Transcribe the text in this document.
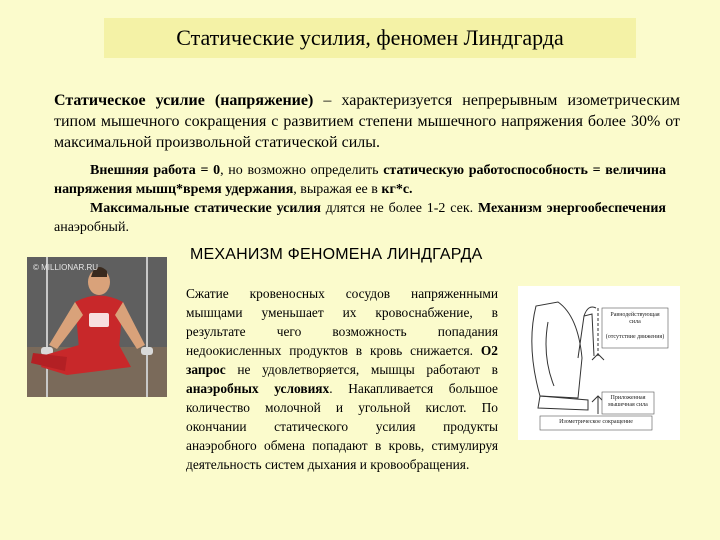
Статические усилия, феномен Линдгарда
Статическое усилие (напряжение) – характеризуется непрерывным изометрическим типом мышечного сокращения с развитием степени мышечного напряжения более 30% от максимальной произвольной статической силы.
Внешняя работа = 0, но возможно определить статическую работоспособность = величина напряжения мышц*время удержания, выражая ее в кг*с.
Максимальные статические усилия длятся не более 1-2 сек. Механизм энергообеспечения анаэробный.
МЕХАНИЗМ ФЕНОМЕНА ЛИНДГАРДА
© MILLIONAR.RU
Сжатие кровеносных сосудов напряженными мышцами уменьшает их кровоснабжение, в результате чего возможность попадания недоокисленных продуктов в кровь снижается. О2 запрос не удовлетворяется, мышцы работают в анаэробных условиях. Накапливается большое количество молочной и угольной кислот. По окончании статического усилия продукты анаэробного обмена попадают в кровь, стимулируя деятельность систем дыхания и кровообращения.
Равнодействующая сила
(отсутствие движения)
Приложенная мышечная сила
Изометрическое сокращение
